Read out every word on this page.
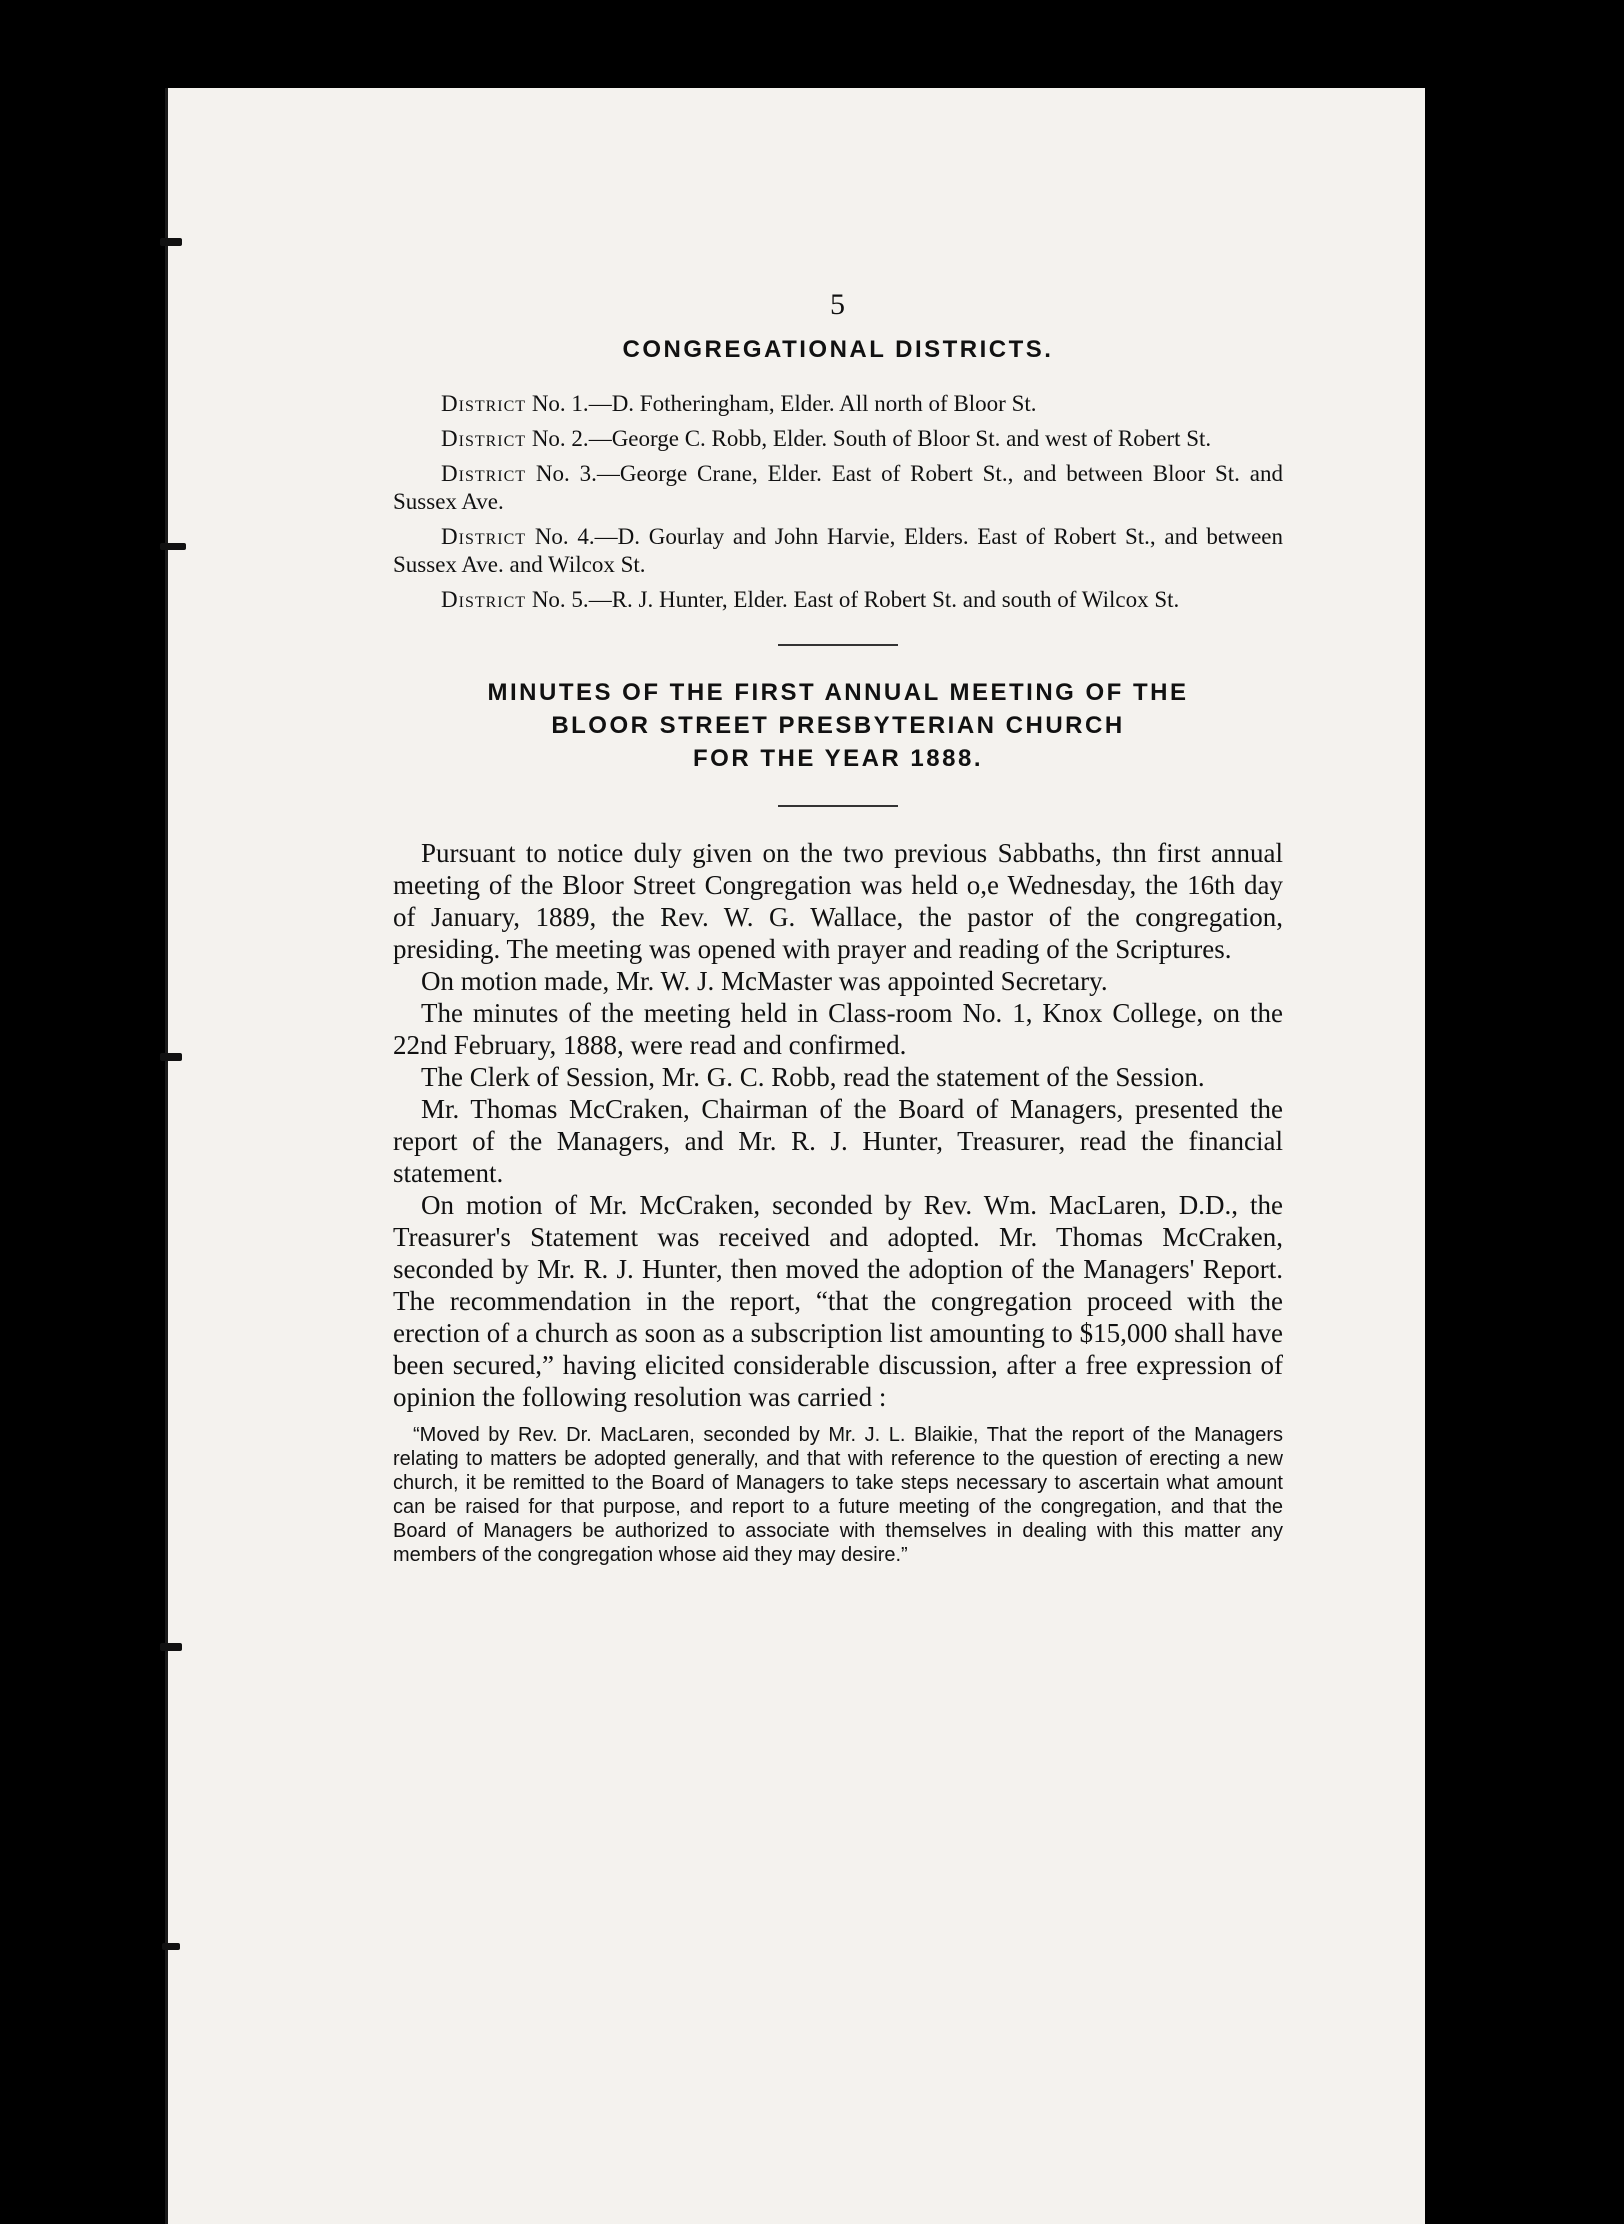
5
CONGREGATIONAL DISTRICTS.

District No. 1.—D. Fotheringham, Elder. All north of Bloor St.

District No. 2.—George C. Robb, Elder. South of Bloor St. and west of Robert St.

District No. 3.—George Crane, Elder. East of Robert St., and between Bloor St. and Sussex Ave.

District No. 4.—D. Gourlay and John Harvie, Elders. East of Robert St., and between Sussex Ave. and Wilcox St.

District No. 5.—R. J. Hunter, Elder. East of Robert St. and south of Wilcox St.

MINUTES OF THE FIRST ANNUAL MEETING OF THE
BLOOR STREET PRESBYTERIAN CHURCH
FOR THE YEAR 1888.

Pursuant to notice duly given on the two previous Sabbaths, thn first annual meeting of the Bloor Street Congregation was held o,e Wednesday, the 16th day of January, 1889, the Rev. W. G. Wallace, the pastor of the congregation, presiding. The meeting was opened with prayer and reading of the Scriptures.

On motion made, Mr. W. J. McMaster was appointed Secretary.

The minutes of the meeting held in Class-room No. 1, Knox College, on the 22nd February, 1888, were read and confirmed.

The Clerk of Session, Mr. G. C. Robb, read the statement of the Session.

Mr. Thomas McCraken, Chairman of the Board of Managers, presented the report of the Managers, and Mr. R. J. Hunter, Treasurer, read the financial statement.

On motion of Mr. McCraken, seconded by Rev. Wm. MacLaren, D.D., the Treasurer's Statement was received and adopted. Mr. Thomas McCraken, seconded by Mr. R. J. Hunter, then moved the adoption of the Managers' Report. The recommendation in the report, “that the congregation proceed with the erection of a church as soon as a subscription list amounting to $15,000 shall have been secured,” having elicited considerable discussion, after a free expression of opinion the following resolution was carried :

“Moved by Rev. Dr. MacLaren, seconded by Mr. J. L. Blaikie, That the report of the Managers relating to matters be adopted generally, and that with reference to the question of erecting a new church, it be remitted to the Board of Managers to take steps necessary to ascertain what amount can be raised for that purpose, and report to a future meeting of the congregation, and that the Board of Managers be authorized to associate with themselves in dealing with this matter any members of the congregation whose aid they may desire.”
